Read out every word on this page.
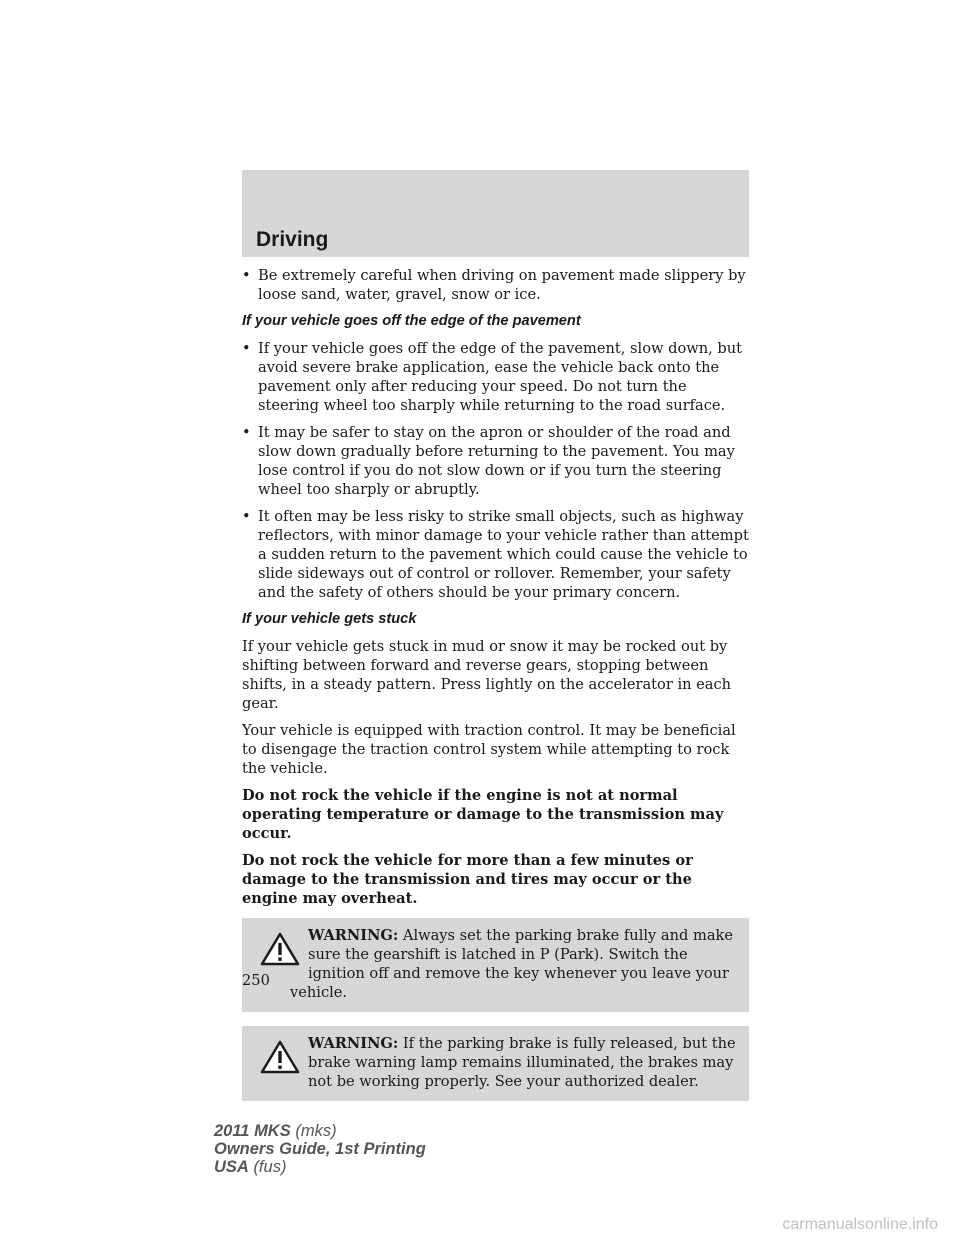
Driving
• Be extremely careful when driving on pavement made slippery by loose sand, water, gravel, snow or ice.
If your vehicle goes off the edge of the pavement
• If your vehicle goes off the edge of the pavement, slow down, but avoid severe brake application, ease the vehicle back onto the pavement only after reducing your speed. Do not turn the steering wheel too sharply while returning to the road surface.
• It may be safer to stay on the apron or shoulder of the road and slow down gradually before returning to the pavement. You may lose control if you do not slow down or if you turn the steering wheel too sharply or abruptly.
• It often may be less risky to strike small objects, such as highway reflectors, with minor damage to your vehicle rather than attempt a sudden return to the pavement which could cause the vehicle to slide sideways out of control or rollover. Remember, your safety and the safety of others should be your primary concern.
If your vehicle gets stuck

If your vehicle gets stuck in mud or snow it may be rocked out by shifting between forward and reverse gears, stopping between shifts, in a steady pattern. Press lightly on the accelerator in each gear.

Your vehicle is equipped with traction control. It may be beneficial to disengage the traction control system while attempting to rock the vehicle.

Do not rock the vehicle if the engine is not at normal operating temperature or damage to the transmission may occur.

Do not rock the vehicle for more than a few minutes or damage to the transmission and tires may occur or the engine may overheat.

WARNING: Always set the parking brake fully and make sure the gearshift is latched in P (Park). Switch the ignition off and remove the key whenever you leave your vehicle.
WARNING: If the parking brake is fully released, but the brake warning lamp remains illuminated, the brakes may not be working properly. See your authorized dealer.
250
2011 MKS (mks)
Owners Guide, 1st Printing
USA (fus)
carmanualsonline.info
